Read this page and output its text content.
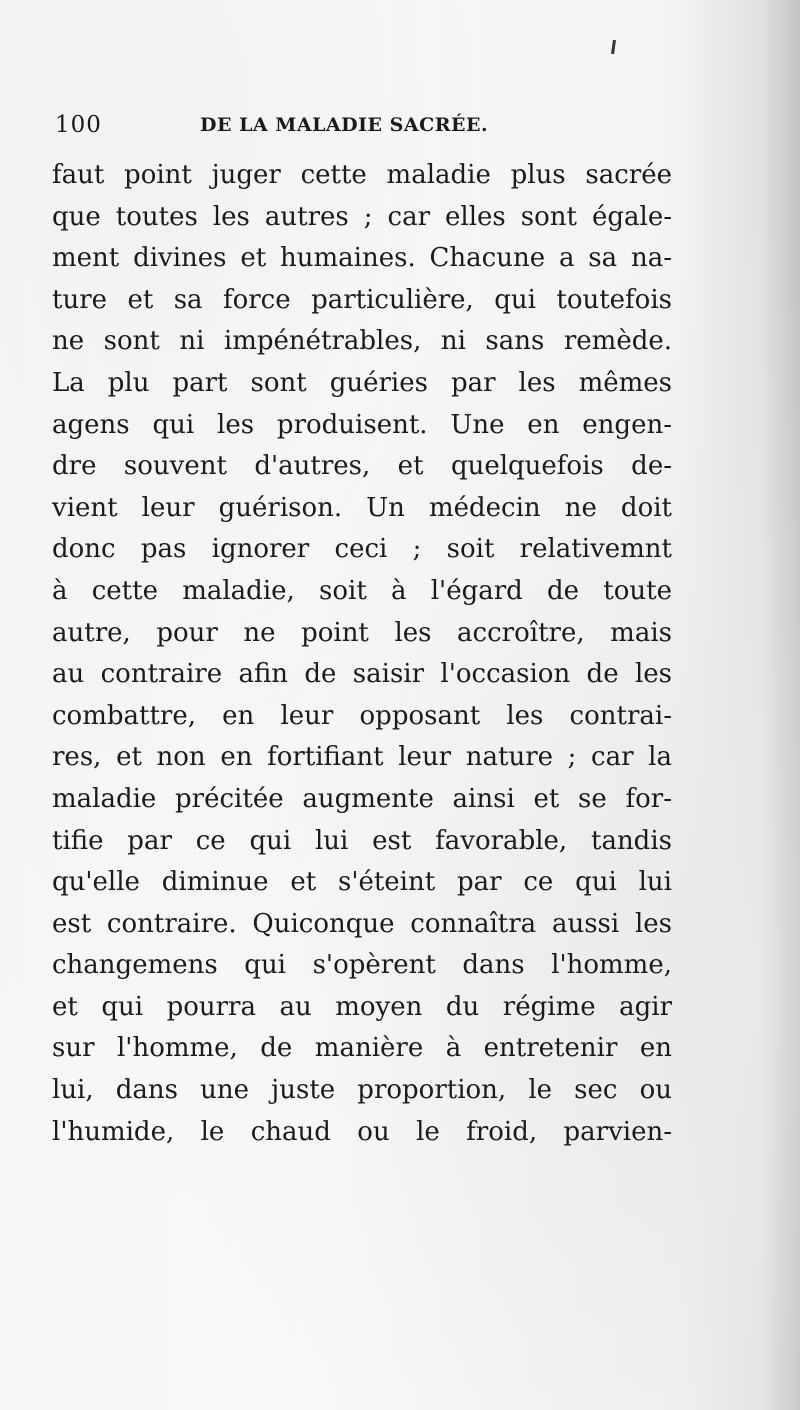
100	DE LA MALADIE SACRÉE.
faut point juger cette maladie plus sacrée
que toutes les autres ; car elles sont égale-
ment divines et humaines. Chacune a sa na-
ture et sa force particulière, qui toutefois
ne sont ni impénétrables, ni sans remède.
La plu part sont guéries par les mêmes
agens qui les produisent. Une en engen-
dre souvent d'autres, et quelquefois de-
vient leur guérison. Un médecin ne doit
donc pas ignorer ceci ; soit relativemnt
à cette maladie, soit à l'égard de toute
autre, pour ne point les accroître, mais
au contraire afin de saisir l'occasion de les
combattre, en leur opposant les contrai-
res, et non en fortifiant leur nature ; car la
maladie précitée augmente ainsi et se for-
tifie par ce qui lui est favorable, tandis
qu'elle diminue et s'éteint par ce qui lui
est contraire. Quiconque connaîtra aussi les
changemens qui s'opèrent dans l'homme,
et qui pourra au moyen du régime agir
sur l'homme, de manière à entretenir en
lui, dans une juste proportion, le sec ou
l'humide, le chaud ou le froid, parvien-
